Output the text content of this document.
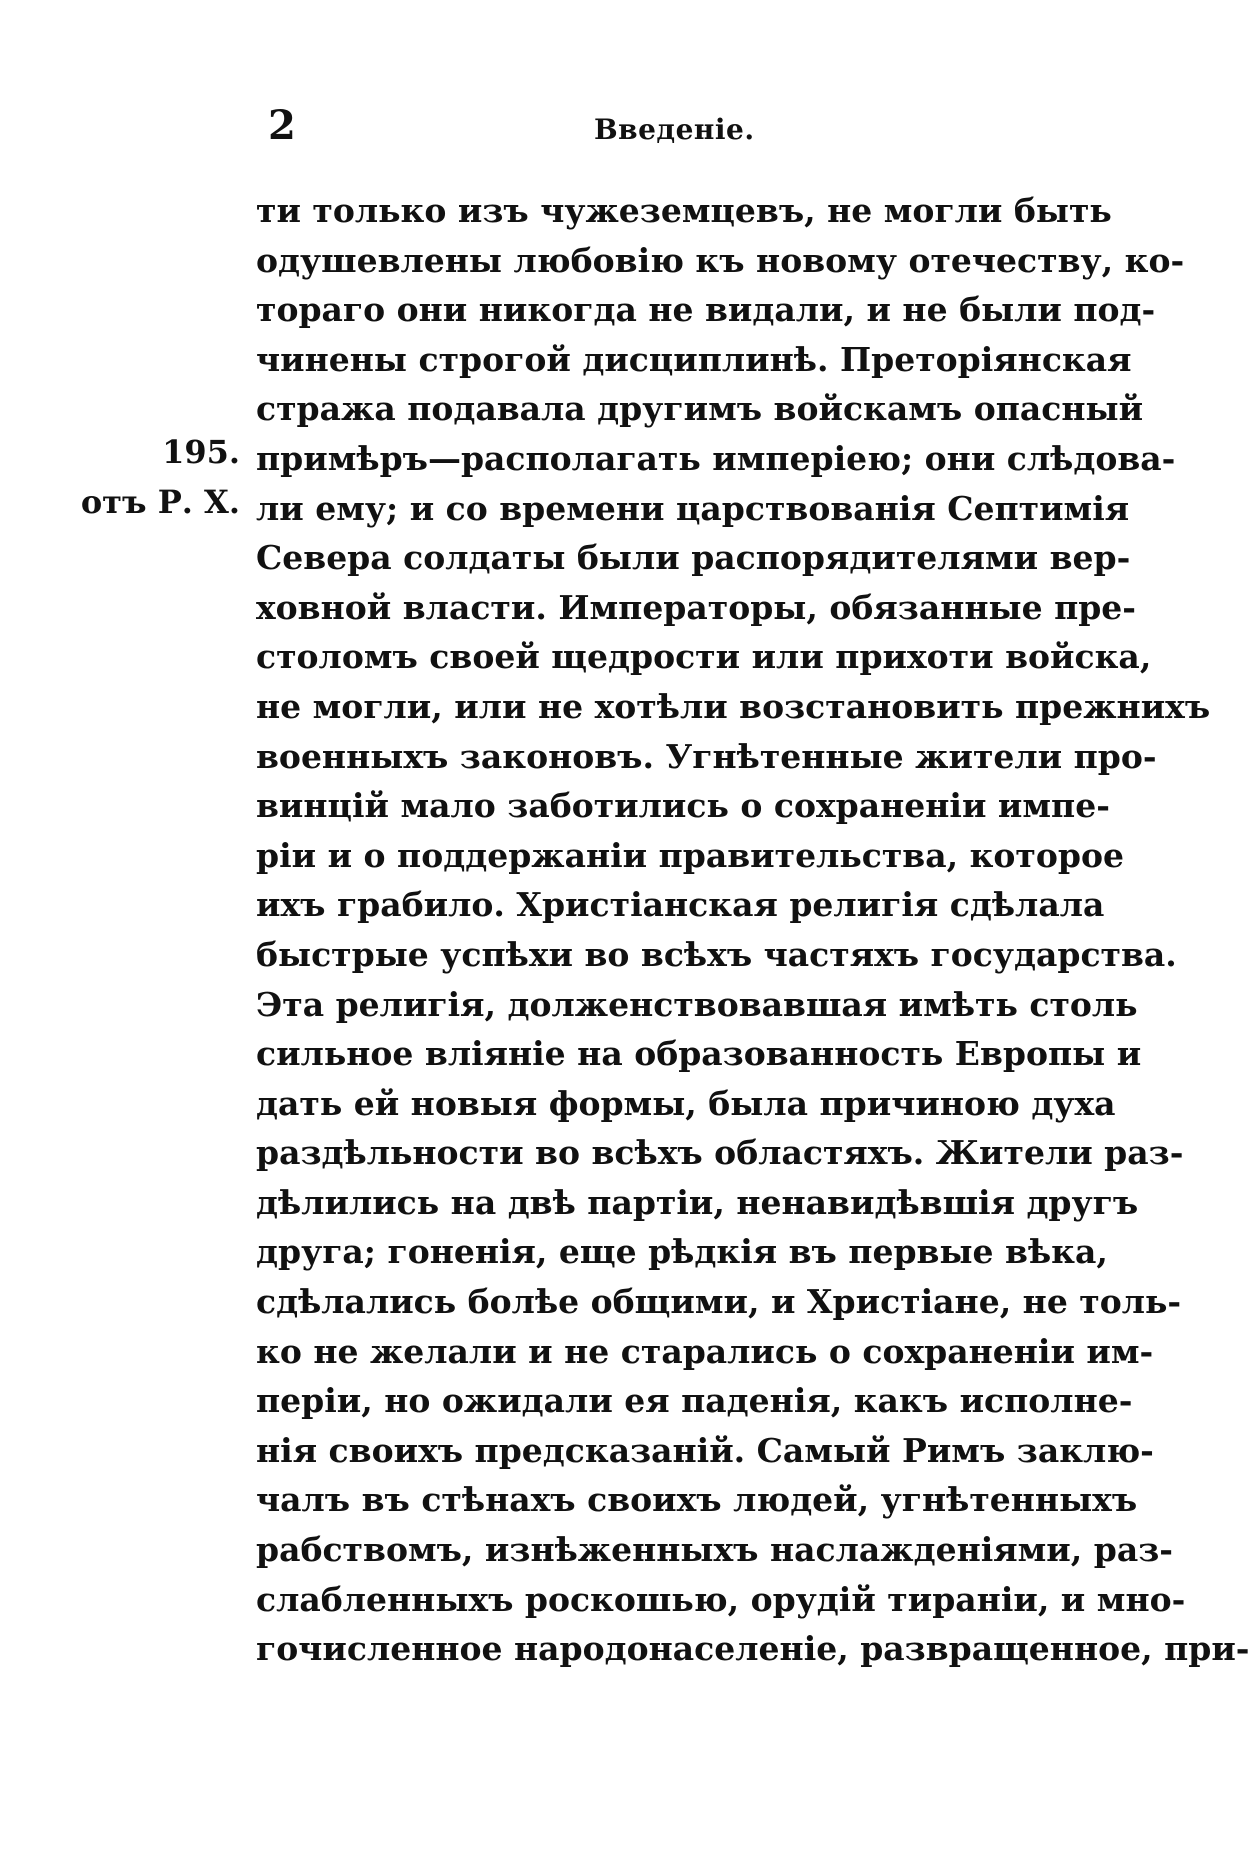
2	Введеніе.
195.
отъ Р. Х.
ти только изъ чужеземцевъ, не могли быть
одушевлены любовію къ новому отечеству, ко-
тораго они никогда не видали, и не были под-
чинены строгой дисциплинѣ. Преторіянская
стража подавала другимъ войскамъ опасный
примѣръ—располагать имперіею; они слѣдова-
ли ему; и со времени царствованія Септимія
Севера солдаты были распорядителями вер-
ховной власти. Императоры, обязанные пре-
столомъ своей щедрости или прихоти войска,
не могли, или не хотѣли возстановить прежнихъ
военныхъ законовъ. Угнѣтенные жители про-
винцій мало заботились о сохраненіи импе-
ріи и о поддержаніи правительства, которое
ихъ грабило. Христіанская религія сдѣлала
быстрые успѣхи во всѣхъ частяхъ государства.
Эта религія, долженствовавшая имѣть столь
сильное вліяніе на образованность Европы и
дать ей новыя формы, была причиною духа
раздѣльности во всѣхъ областяхъ. Жители раз-
дѣлились на двѣ партіи, ненавидѣвшія другъ
друга; гоненія, еще рѣдкія въ первые вѣка,
сдѣлались болѣе общими, и Христіане, не толь-
ко не желали и не старались о сохраненіи им-
періи, но ожидали ея паденія, какъ исполне-
нія своихъ предсказаній. Самый Римъ заклю-
чалъ въ стѣнахъ своихъ людей, угнѣтенныхъ
рабствомъ, изнѣженныхъ наслажденіями, раз-
слабленныхъ роскошью, орудій тираніи, и мно-
гочисленное народонаселеніе, развращенное, при-
